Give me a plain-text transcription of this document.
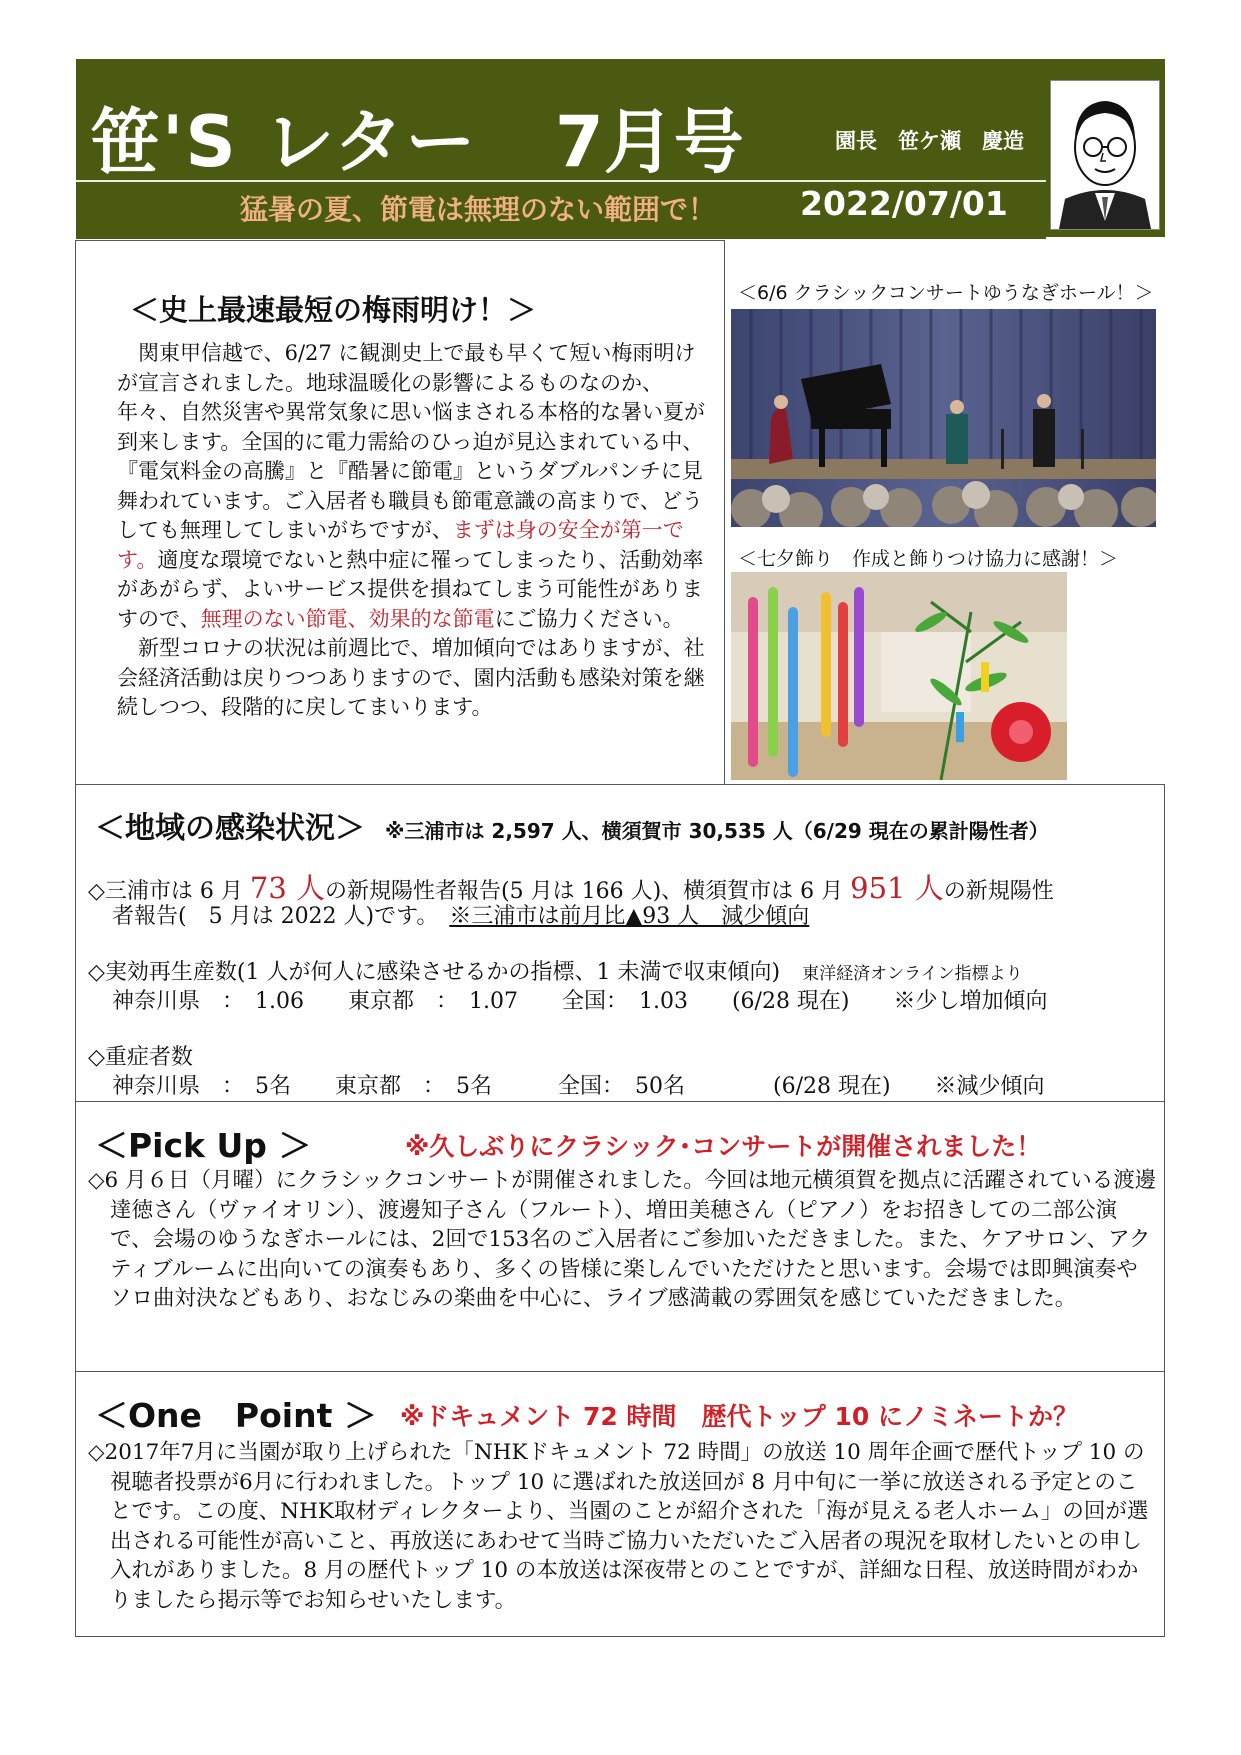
笹'S レター 7月号	園長　笹ケ瀬　慶造
猛暑の夏、節電は無理のない範囲で！	2022/07/01
＜史上最速最短の梅雨明け！＞

関東甲信越で、6/27 に観測史上で最も早くて短い梅雨明けが宣言されました。地球温暖化の影響によるものなのか、年々、自然災害や異常気象に思い悩まされる本格的な暑い夏が到来します。全国的に電力需給のひっ迫が見込まれている中、『電気料金の高騰』と『酷暑に節電』というダブルパンチに見舞われています。ご入居者も職員も節電意識の高まりで、どうしても無理してしまいがちですが、まずは身の安全が第一です。適度な環境でないと熱中症に罹ってしまったり、活動効率があがらず、よいサービス提供を損ねてしまう可能性がありますので、無理のない節電、効果的な節電にご協力ください。

新型コロナの状況は前週比で、増加傾向ではありますが、社会経済活動は戻りつつありますので、園内活動も感染対策を継続しつつ、段階的に戻してまいります。

＜6/6 クラシックコンサートゆうなぎホール！＞
＜七夕飾り　作成と飾りつけ協力に感謝！＞
＜地域の感染状況＞ ※三浦市は 2,597 人、横須賀市 30,535 人（6/29 現在の累計陽性者）
◇三浦市は 6 月 73 人の新規陽性者報告(5 月は 166 人)、横須賀市は 6 月 951 人の新規陽性
者報告(　5 月は 2022 人)です。　※三浦市は前月比▲93 人　減少傾向
◇実効再生産数(1 人が何人に感染させるかの指標、1 未満で収束傾向)　 東洋経済オンライン指標より
神奈川県　：　1.06　　東京都　：　1.07　　全国：　1.03　　(6/28 現在)　　※少し増加傾向
◇重症者数
神奈川県　：　5名　　東京都　：　5名　　　全国：　50名　　　　(6/28 現在)　　※減少傾向
＜Pick Up ＞	※久しぶりにクラシック･コンサートが開催されました！

◇6 月６日（月曜）にクラシックコンサートが開催されました。今回は地元横須賀を拠点に活躍されている渡邊達徳さん（ヴァイオリン）、渡邊知子さん（フルート）、増田美穂さん（ピアノ）をお招きしての二部公演で、会場のゆうなぎホールには、2回で153名のご入居者にご参加いただきました。また、ケアサロン、アクティブルームに出向いての演奏もあり、多くの皆様に楽しんでいただけたと思います。会場では即興演奏やソロ曲対決などもあり、おなじみの楽曲を中心に、ライブ感満載の雰囲気を感じていただきました。

＜One　Point ＞ ※ドキュメント 72 時間　歴代トップ 10 にノミネートか？

◇2017年7月に当園が取り上げられた「NHKドキュメント 72 時間」の放送 10 周年企画で歴代トップ 10 の視聴者投票が6月に行われました。トップ 10 に選ばれた放送回が 8 月中旬に一挙に放送される予定とのことです。この度、NHK取材ディレクターより、当園のことが紹介された「海が見える老人ホーム」の回が選出される可能性が高いこと、再放送にあわせて当時ご協力いただいたご入居者の現況を取材したいとの申し入れがありました。8 月の歴代トップ 10 の本放送は深夜帯とのことですが、詳細な日程、放送時間がわかりましたら掲示等でお知らせいたします。
